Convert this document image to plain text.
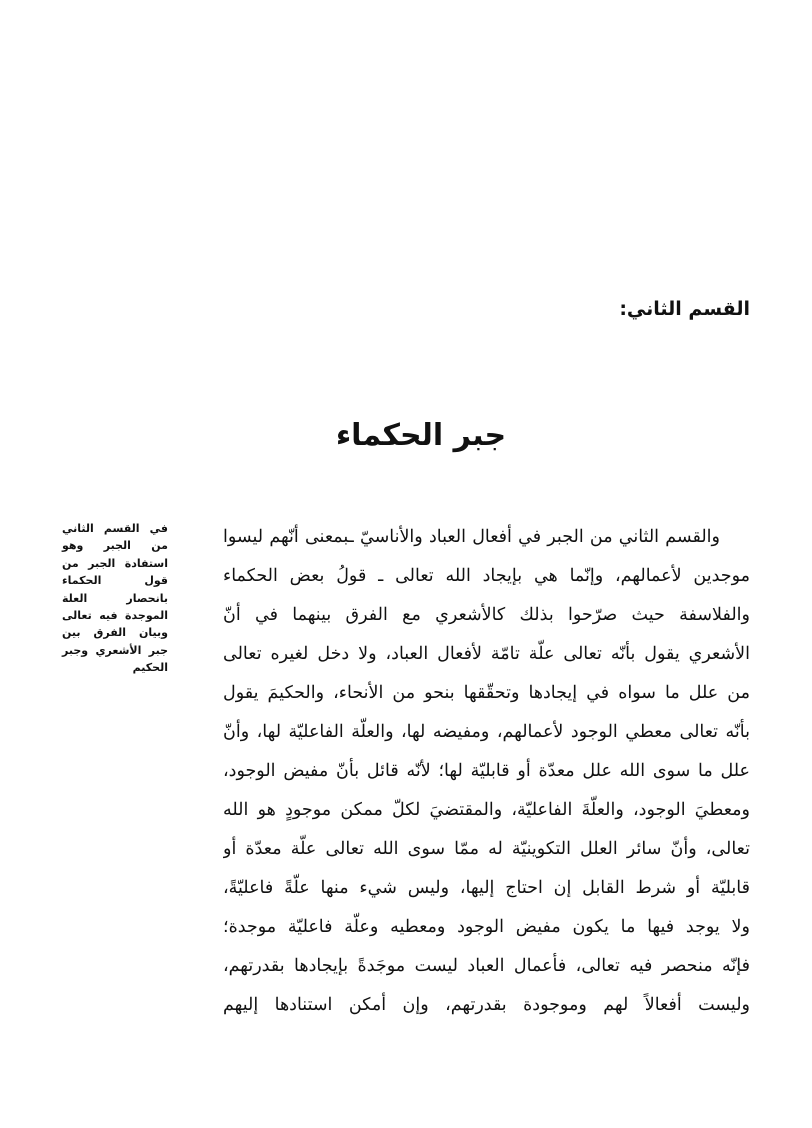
القسم الثاني:
جبر الحكماء
في القسم الثاني من الجبر وهو استفادة الجبر من قول الحكماء بانحصار العلة الموجدة فيه تعالى وبيان الفرق بين جبر الأشعري وجبر الحكيم
والقسم الثاني من الجبر في أفعال العباد والأناسيّ ـبمعنى أنّهم ليسوا
موجدين لأعمالهم، وإنّما هي بإيجاد الله تعالى ـ قولُ بعض الحكماء
والفلاسفة حيث صرّحوا بذلك كالأشعري مع الفرق بينهما في أنّ
الأشعري يقول بأنّه تعالى علّة تامّة لأفعال العباد، ولا دخل لغيره تعالى
من علل ما سواه في إيجادها وتحقّقها بنحو من الأنحاء، والحكيمَ يقول
بأنّه تعالى معطي الوجود لأعمالهم، ومفيضه لها، والعلّة الفاعليّة لها، وأنّ
علل ما سوى الله علل معدّة أو قابليّة لها؛ لأنّه قائل بأنّ مفيض الوجود،
ومعطيَ الوجود، والعلّةَ الفاعليّة، والمقتضيَ لكلّ ممكن موجودٍ هو الله
تعالى، وأنّ سائر العلل التكوينيّة له ممّا سوى الله تعالى علّة معدّة أو
قابليّة أو شرط القابل إن احتاج إليها، وليس شيء منها علّةً فاعليّةً،
ولا يوجد فيها ما يكون مفيض الوجود ومعطيه وعلّة فاعليّة موجدة؛
فإنّه منحصر فيه تعالى، فأعمال العباد ليست موجَدةً بإيجادها بقدرتهم،
وليست أفعالاً لهم وموجودة بقدرتهم، وإن أمكن استنادها إليهم
